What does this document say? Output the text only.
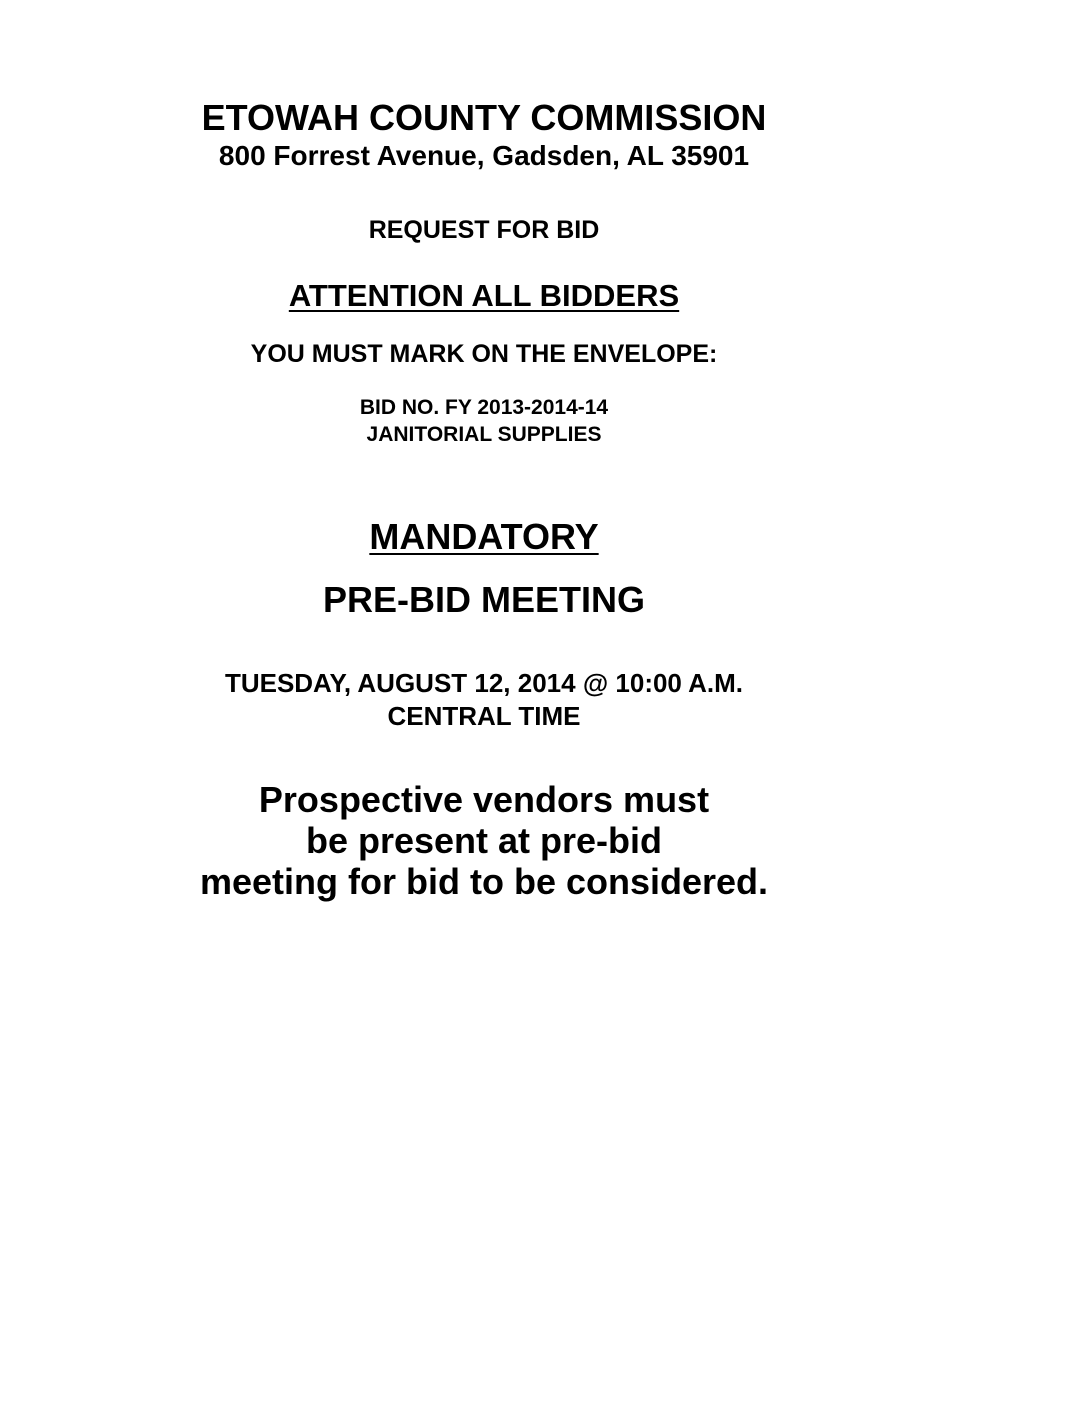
ETOWAH COUNTY COMMISSION
800 Forrest Avenue, Gadsden, AL 35901
REQUEST FOR BID
ATTENTION ALL BIDDERS
YOU MUST MARK ON THE ENVELOPE:
BID NO. FY 2013-2014-14
JANITORIAL SUPPLIES
MANDATORY
PRE-BID MEETING
TUESDAY, AUGUST 12, 2014 @ 10:00 A.M.
CENTRAL TIME
Prospective vendors must
be present at pre-bid
meeting for bid to be considered.
